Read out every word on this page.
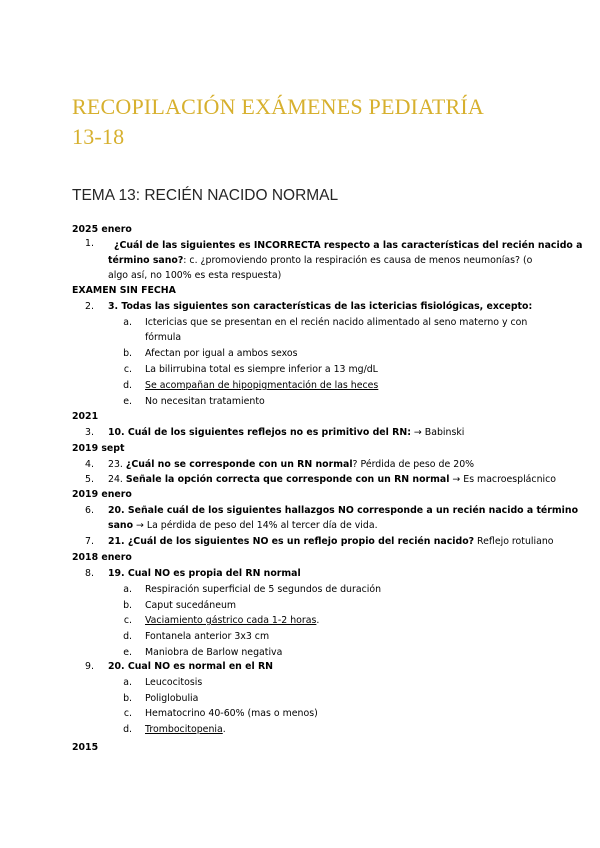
RECOPILACIÓN EXÁMENES PEDIATRÍA
13-18
TEMA 13: RECIÉN NACIDO NORMAL
2025 enero
1. ¿Cuál de las siguientes es INCORRECTA respecto a las características del recién nacido a
término sano?: c. ¿promoviendo pronto la respiración es causa de menos neumonías? (o
algo así, no 100% es esta respuesta)
EXAMEN SIN FECHA
2. 3. Todas las siguientes son características de las ictericias fisiológicas, excepto:
a. Ictericias que se presentan en el recién nacido alimentado al seno materno y con
fórmula
b. Afectan por igual a ambos sexos
c. La bilirrubina total es siempre inferior a 13 mg/dL
d. Se acompañan de hipopigmentación de las heces
e. No necesitan tratamiento
2021
3. 10. Cuál de los siguientes reflejos no es primitivo del RN: → Babinski
2019 sept
4. 23. ¿Cuál no se corresponde con un RN normal? Pérdida de peso de 20%
5. 24. Señale la opción correcta que corresponde con un RN normal → Es macroesplácnico
2019 enero
6. 20. Señale cuál de los siguientes hallazgos NO corresponde a un recién nacido a término
sano → La pérdida de peso del 14% al tercer día de vida.
7. 21. ¿Cuál de los siguientes NO es un reflejo propio del recién nacido? Reflejo rotuliano
2018 enero
8. 19. Cual NO es propia del RN normal
a. Respiración superficial de 5 segundos de duración
b. Caput sucedáneum
c. Vaciamiento gástrico cada 1-2 horas.
d. Fontanela anterior 3x3 cm
e. Maniobra de Barlow negativa
9. 20. Cual NO es normal en el RN
a. Leucocitosis
b. Poliglobulia
c. Hematocrino 40-60% (mas o menos)
d. Trombocitopenia.
2015
